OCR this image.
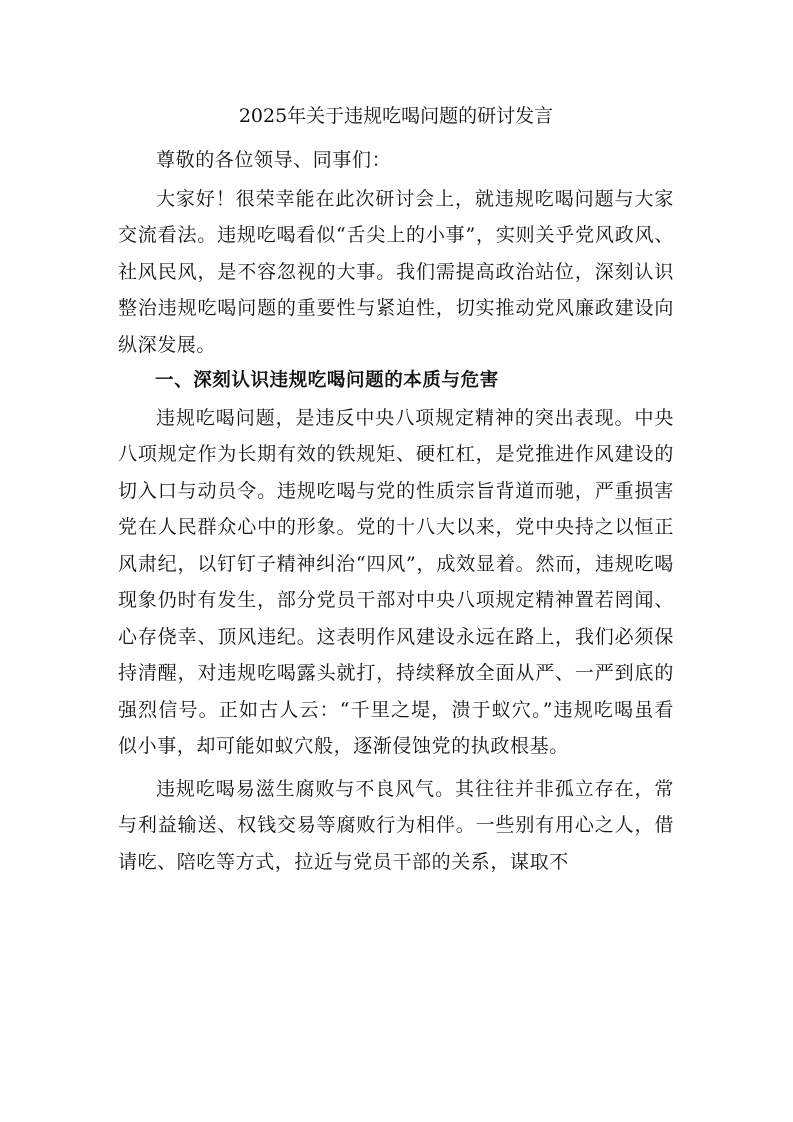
2025年关于违规吃喝问题的研讨发言

尊敬的各位领导、同事们：

大家好！很荣幸能在此次研讨会上，就违规吃喝问题与大家交流看法。违规吃喝看似“舌尖上的小事”，实则关乎党风政风、社风民风，是不容忽视的大事。我们需提高政治站位，深刻认识整治违规吃喝问题的重要性与紧迫性，切实推动党风廉政建设向纵深发展。

一、深刻认识违规吃喝问题的本质与危害

违规吃喝问题，是违反中央八项规定精神的突出表现。中央八项规定作为长期有效的铁规矩、硬杠杠，是党推进作风建设的切入口与动员令。违规吃喝与党的性质宗旨背道而驰，严重损害党在人民群众心中的形象。党的十八大以来，党中央持之以恒正风肃纪，以钉钉子精神纠治“四风”，成效显着。然而，违规吃喝现象仍时有发生，部分党员干部对中央八项规定精神置若罔闻、心存侥幸、顶风违纪。这表明作风建设永远在路上，我们必须保持清醒，对违规吃喝露头就打，持续释放全面从严、一严到底的强烈信号。正如古人云：“千里之堤，溃于蚁穴。”违规吃喝虽看似小事，却可能如蚁穴般，逐渐侵蚀党的执政根基。

违规吃喝易滋生腐败与不良风气。其往往并非孤立存在，常与利益输送、权钱交易等腐败行为相伴。一些别有用心之人，借请吃、陪吃等方式，拉近与党员干部的关系，谋取不
